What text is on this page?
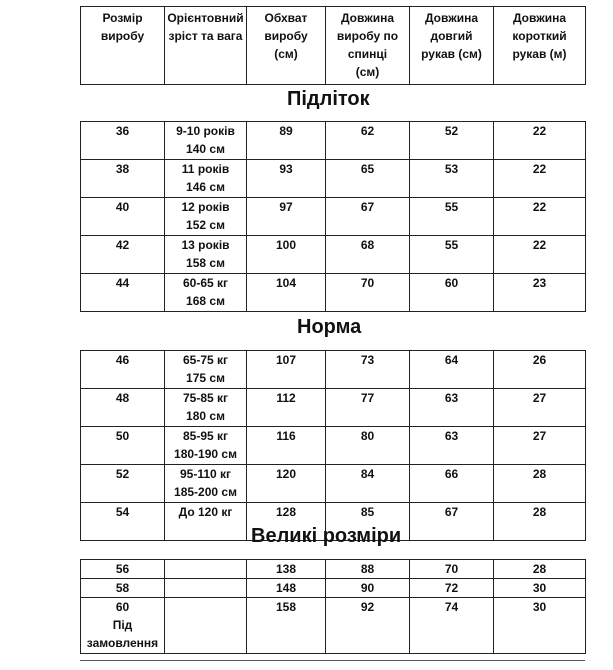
Розмір
виробу

Орієнтовний
зріст та вага

Обхват
виробу
(см)

Довжина
виробу по
спинці
(см)

Довжина
довгий
рукав (см)

Довжина
короткий
рукав (м)
Підліток
36	9-10 років
140 см	89	62	52	22

38	11 років
146 см	93	65	53	22

40	12 років
152 см	97	67	55	22

42	13 років
158 см	100	68	55	22

44	60-65 кг
168 см	104	70	60	23
Норма
46	65-75 кг
175 см	107	73	64	26

48	75-85 кг
180 см	112	77	63	27

50	85-95 кг
180-190 см	116	80	63	27

52	95-110 кг
185-200 см	120	84	66	28

54	До 120 кг	128	85	67	28
Великі розміри
56		138	88	70	28

58		148	90	72	30

60
Під
замовлення		158	92	74	30
